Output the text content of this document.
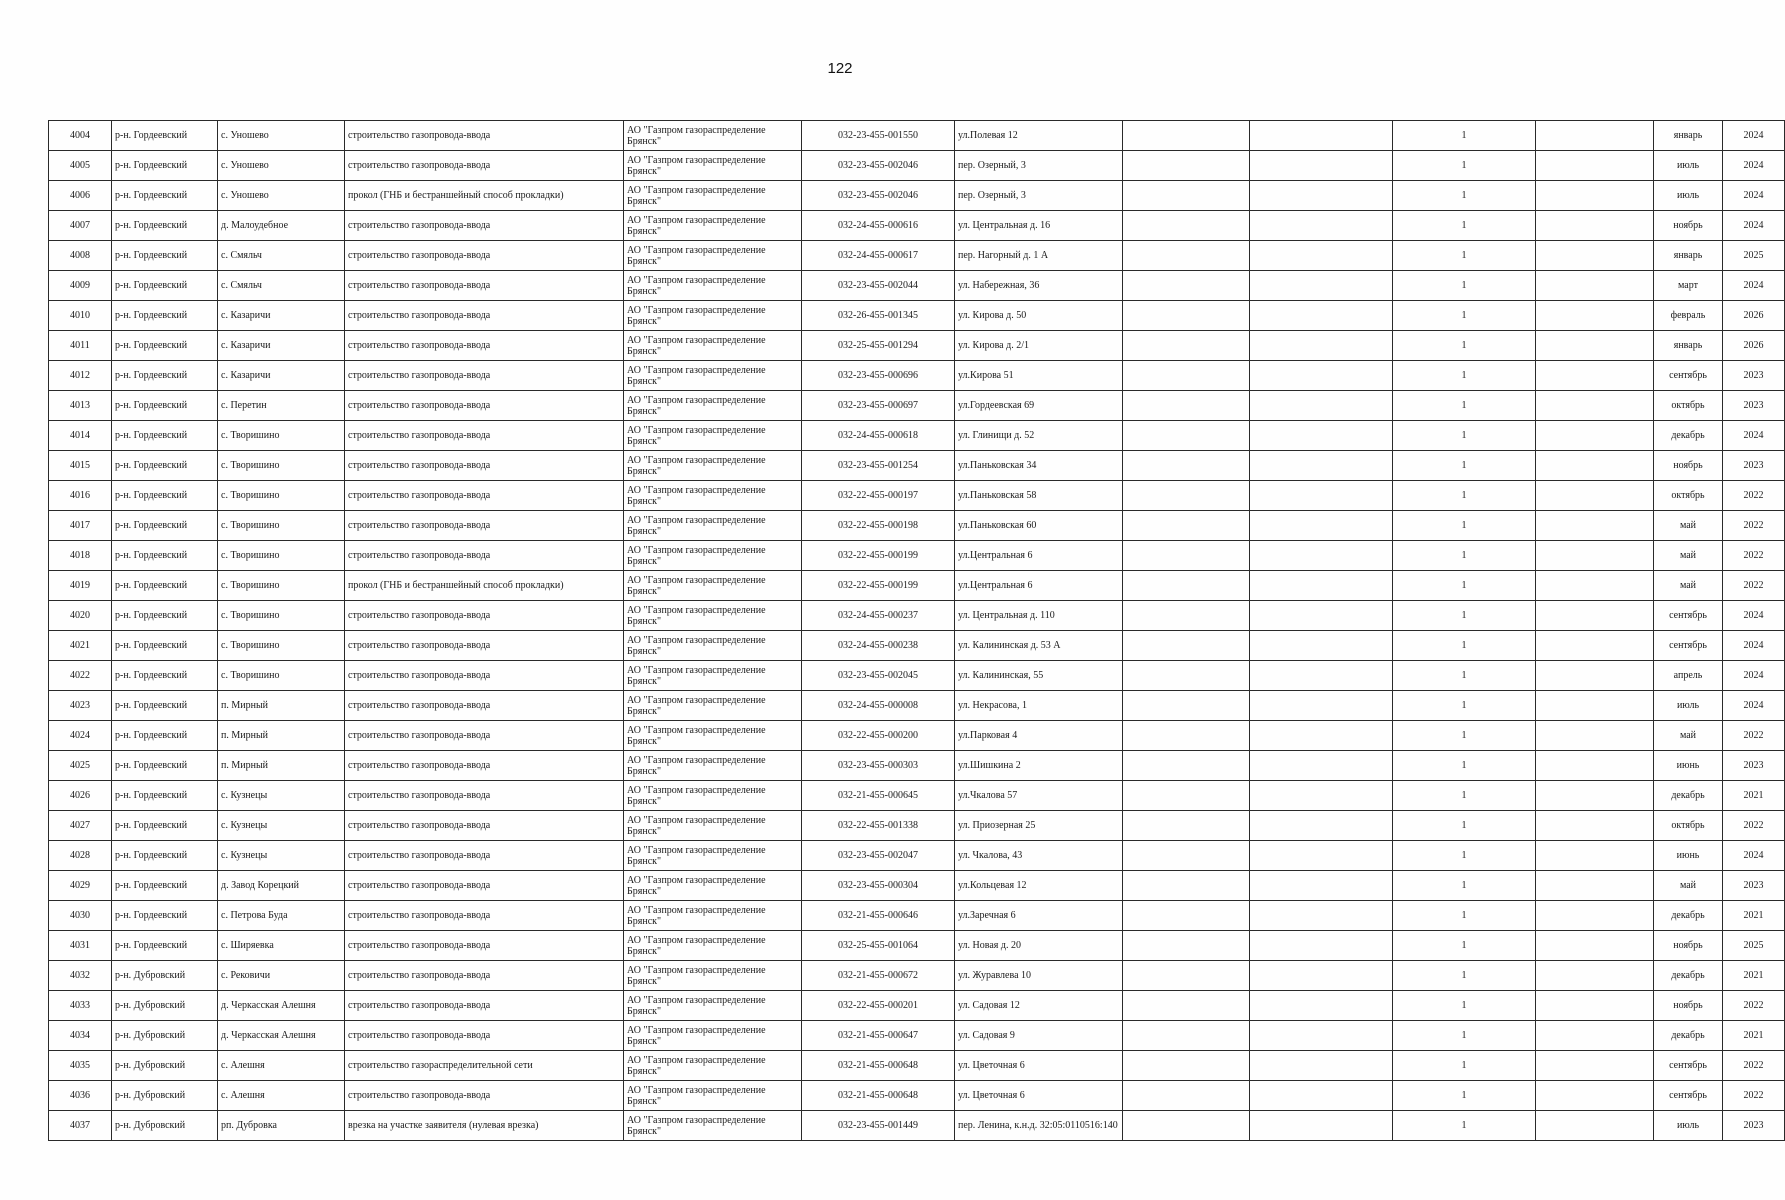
122
4004	р-н. Гордеевский	с. Уношево	строительство газопровода-ввода	АО "Газпром газораспределение Брянск"	032-23-455-001550	ул.Полевая 12			1		январь	2024
4005	р-н. Гордеевский	с. Уношево	строительство газопровода-ввода	АО "Газпром газораспределение Брянск"	032-23-455-002046	пер. Озерный, 3			1		июль	2024
4006	р-н. Гордеевский	с. Уношево	прокол (ГНБ и бестраншейный способ прокладки)	АО "Газпром газораспределение Брянск"	032-23-455-002046	пер. Озерный, 3			1		июль	2024
4007	р-н. Гордеевский	д. Малоудебное	строительство газопровода-ввода	АО "Газпром газораспределение Брянск"	032-24-455-000616	ул. Центральная д. 16			1		ноябрь	2024
4008	р-н. Гордеевский	с. Смяльч	строительство газопровода-ввода	АО "Газпром газораспределение Брянск"	032-24-455-000617	пер. Нагорный д. 1 А			1		январь	2025
4009	р-н. Гордеевский	с. Смяльч	строительство газопровода-ввода	АО "Газпром газораспределение Брянск"	032-23-455-002044	ул. Набережная, 36			1		март	2024
4010	р-н. Гордеевский	с. Казаричи	строительство газопровода-ввода	АО "Газпром газораспределение Брянск"	032-26-455-001345	ул. Кирова д. 50			1		февраль	2026
4011	р-н. Гордеевский	с. Казаричи	строительство газопровода-ввода	АО "Газпром газораспределение Брянск"	032-25-455-001294	ул. Кирова д. 2/1			1		январь	2026
4012	р-н. Гордеевский	с. Казаричи	строительство газопровода-ввода	АО "Газпром газораспределение Брянск"	032-23-455-000696	ул.Кирова 51			1		сентябрь	2023
4013	р-н. Гордеевский	с. Перетин	строительство газопровода-ввода	АО "Газпром газораспределение Брянск"	032-23-455-000697	ул.Гордеевская 69			1		октябрь	2023
4014	р-н. Гордеевский	с. Творишино	строительство газопровода-ввода	АО "Газпром газораспределение Брянск"	032-24-455-000618	ул. Глинищи д. 52			1		декабрь	2024
4015	р-н. Гордеевский	с. Творишино	строительство газопровода-ввода	АО "Газпром газораспределение Брянск"	032-23-455-001254	ул.Паньковская 34			1		ноябрь	2023
4016	р-н. Гордеевский	с. Творишино	строительство газопровода-ввода	АО "Газпром газораспределение Брянск"	032-22-455-000197	ул.Паньковская 58			1		октябрь	2022
4017	р-н. Гордеевский	с. Творишино	строительство газопровода-ввода	АО "Газпром газораспределение Брянск"	032-22-455-000198	ул.Паньковская 60			1		май	2022
4018	р-н. Гордеевский	с. Творишино	строительство газопровода-ввода	АО "Газпром газораспределение Брянск"	032-22-455-000199	ул.Центральная 6			1		май	2022
4019	р-н. Гордеевский	с. Творишино	прокол (ГНБ и бестраншейный способ прокладки)	АО "Газпром газораспределение Брянск"	032-22-455-000199	ул.Центральная 6			1		май	2022
4020	р-н. Гордеевский	с. Творишино	строительство газопровода-ввода	АО "Газпром газораспределение Брянск"	032-24-455-000237	ул. Центральная д. 110			1		сентябрь	2024
4021	р-н. Гордеевский	с. Творишино	строительство газопровода-ввода	АО "Газпром газораспределение Брянск"	032-24-455-000238	ул. Калининская д. 53 А			1		сентябрь	2024
4022	р-н. Гордеевский	с. Творишино	строительство газопровода-ввода	АО "Газпром газораспределение Брянск"	032-23-455-002045	ул. Калининская, 55			1		апрель	2024
4023	р-н. Гордеевский	п. Мирный	строительство газопровода-ввода	АО "Газпром газораспределение Брянск"	032-24-455-000008	ул. Некрасова, 1			1		июль	2024
4024	р-н. Гордеевский	п. Мирный	строительство газопровода-ввода	АО "Газпром газораспределение Брянск"	032-22-455-000200	ул.Парковая 4			1		май	2022
4025	р-н. Гордеевский	п. Мирный	строительство газопровода-ввода	АО "Газпром газораспределение Брянск"	032-23-455-000303	ул.Шишкина 2			1		июнь	2023
4026	р-н. Гордеевский	с. Кузнецы	строительство газопровода-ввода	АО "Газпром газораспределение Брянск"	032-21-455-000645	ул.Чкалова 57			1		декабрь	2021
4027	р-н. Гордеевский	с. Кузнецы	строительство газопровода-ввода	АО "Газпром газораспределение Брянск"	032-22-455-001338	ул. Приозерная 25			1		октябрь	2022
4028	р-н. Гордеевский	с. Кузнецы	строительство газопровода-ввода	АО "Газпром газораспределение Брянск"	032-23-455-002047	ул. Чкалова, 43			1		июнь	2024
4029	р-н. Гордеевский	д. Завод Корецкий	строительство газопровода-ввода	АО "Газпром газораспределение Брянск"	032-23-455-000304	ул.Кольцевая 12			1		май	2023
4030	р-н. Гордеевский	с. Петрова Буда	строительство газопровода-ввода	АО "Газпром газораспределение Брянск"	032-21-455-000646	ул.Заречная 6			1		декабрь	2021
4031	р-н. Гордеевский	с. Ширяевка	строительство газопровода-ввода	АО "Газпром газораспределение Брянск"	032-25-455-001064	ул. Новая д. 20			1		ноябрь	2025
4032	р-н. Дубровский	с. Рековичи	строительство газопровода-ввода	АО "Газпром газораспределение Брянск"	032-21-455-000672	ул. Журавлева 10			1		декабрь	2021
4033	р-н. Дубровский	д. Черкасская Алешня	строительство газопровода-ввода	АО "Газпром газораспределение Брянск"	032-22-455-000201	ул. Садовая 12			1		ноябрь	2022
4034	р-н. Дубровский	д. Черкасская Алешня	строительство газопровода-ввода	АО "Газпром газораспределение Брянск"	032-21-455-000647	ул. Садовая 9			1		декабрь	2021
4035	р-н. Дубровский	с. Алешня	строительство газораспределительной сети	АО "Газпром газораспределение Брянск"	032-21-455-000648	ул. Цветочная 6			1		сентябрь	2022
4036	р-н. Дубровский	с. Алешня	строительство газопровода-ввода	АО "Газпром газораспределение Брянск"	032-21-455-000648	ул. Цветочная 6			1		сентябрь	2022
4037	р-н. Дубровский	рп. Дубровка	врезка на участке заявителя (нулевая врезка)	АО "Газпром газораспределение Брянск"	032-23-455-001449	пер. Ленина, к.н.д. 32:05:0110516:140			1		июль	2023
